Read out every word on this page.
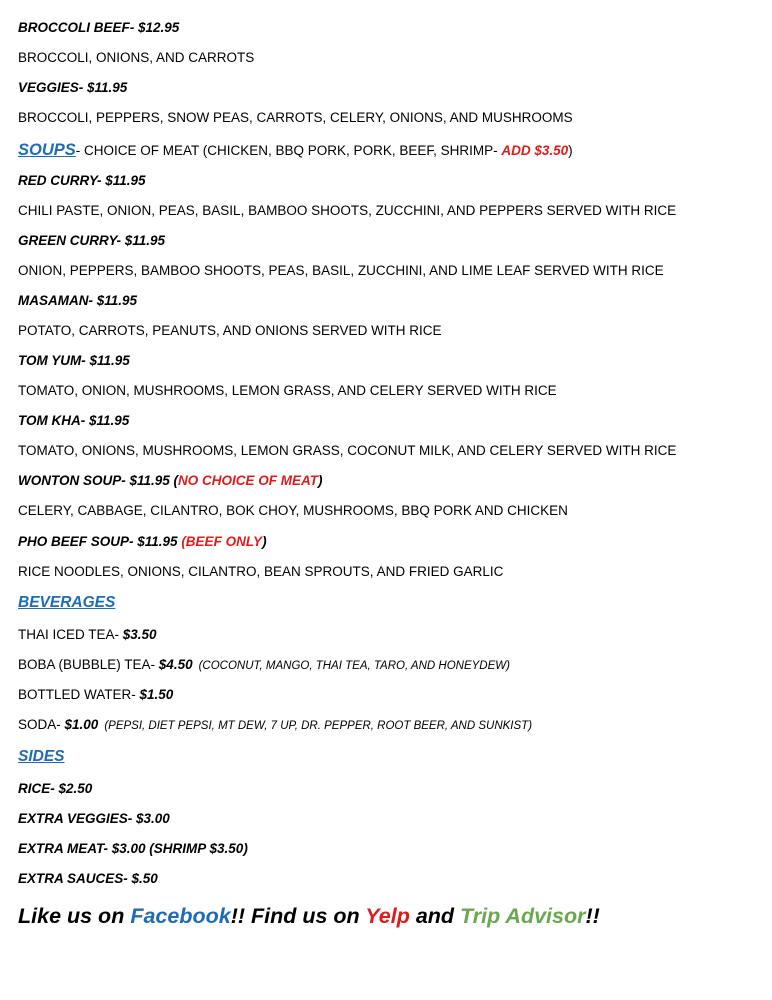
BROCCOLI BEEF- $12.95
BROCCOLI, ONIONS, AND CARROTS
VEGGIES- $11.95
BROCCOLI, PEPPERS, SNOW PEAS, CARROTS, CELERY, ONIONS, AND MUSHROOMS
SOUPS- CHOICE OF MEAT (CHICKEN, BBQ PORK, PORK, BEEF, SHRIMP- ADD $3.50)
RED CURRY- $11.95
CHILI PASTE, ONION, PEAS, BASIL, BAMBOO SHOOTS, ZUCCHINI, AND PEPPERS SERVED WITH RICE
GREEN CURRY- $11.95
ONION, PEPPERS, BAMBOO SHOOTS, PEAS, BASIL, ZUCCHINI, AND LIME LEAF SERVED WITH RICE
MASAMAN- $11.95
POTATO, CARROTS, PEANUTS, AND ONIONS SERVED WITH RICE
TOM YUM- $11.95
TOMATO, ONION, MUSHROOMS, LEMON GRASS, AND CELERY SERVED WITH RICE
TOM KHA- $11.95
TOMATO, ONIONS, MUSHROOMS, LEMON GRASS, COCONUT MILK, AND CELERY SERVED WITH RICE
WONTON SOUP- $11.95 (NO CHOICE OF MEAT)
CELERY, CABBAGE, CILANTRO, BOK CHOY, MUSHROOMS, BBQ PORK AND CHICKEN
PHO BEEF SOUP- $11.95 (BEEF ONLY)
RICE NOODLES, ONIONS, CILANTRO, BEAN SPROUTS, AND FRIED GARLIC
BEVERAGES
THAI ICED TEA- $3.50
BOBA (BUBBLE) TEA- $4.50 (COCONUT, MANGO, THAI TEA, TARO, AND HONEYDEW)
BOTTLED WATER- $1.50
SODA- $1.00 (PEPSI, DIET PEPSI, MT DEW, 7 UP, DR. PEPPER, ROOT BEER, AND SUNKIST)
SIDES
RICE- $2.50
EXTRA VEGGIES- $3.00
EXTRA MEAT- $3.00 (SHRIMP $3.50)
EXTRA SAUCES- $.50
Like us on Facebook!! Find us on Yelp and Trip Advisor!!
